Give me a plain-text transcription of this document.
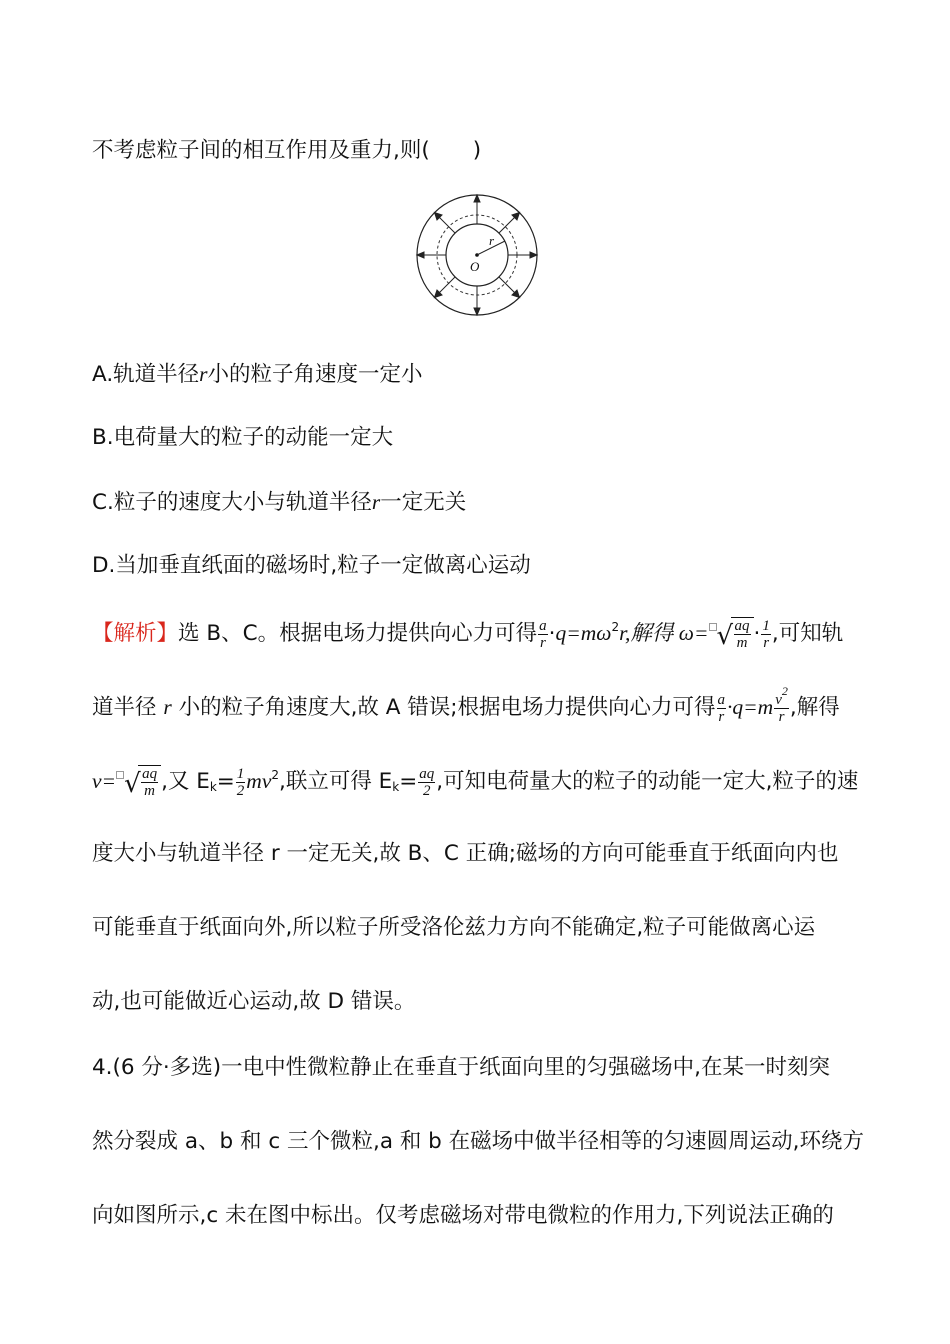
不考虑粒子间的相互作用及重力,则(　　)
O
r
A.轨道半径r小的粒子角速度一定小
B.电荷量大的粒子的动能一定大
C.粒子的速度大小与轨道半径r一定无关
D.当加垂直纸面的磁场时,粒子一定做离心运动
【解析】选 B、C。根据电场力提供向心力可得 $\frac{a}{r} \cdot q=m\omega^2r$,解得 ω= √ $\frac{aq}{m} \cdot \frac{1}{r}$ ,可知轨
道半径 r 小的粒子角速度大,故 A 错误;根据电场力提供向心力可得 $\frac{a}{r} \cdot q=m \frac{v^2}{r}$ ,解得
v= √ $\frac{aq}{m}$ ,又 $E_k= \frac{1}{2} mv^2$,联立可得 $E_k= \frac{aq}{2}$ ,可知电荷量大的粒子的动能一定大,粒子的速
度大小与轨道半径 r 一定无关,故 B、C 正确;磁场的方向可能垂直于纸面向内也
可能垂直于纸面向外,所以粒子所受洛伦兹力方向不能确定,粒子可能做离心运
动,也可能做近心运动,故 D 错误。
4.(6 分·多选)一电中性微粒静止在垂直于纸面向里的匀强磁场中,在某一时刻突
然分裂成 a、b 和 c 三个微粒,a 和 b 在磁场中做半径相等的匀速圆周运动,环绕方
向如图所示,c 未在图中标出。仅考虑磁场对带电微粒的作用力,下列说法正确的
